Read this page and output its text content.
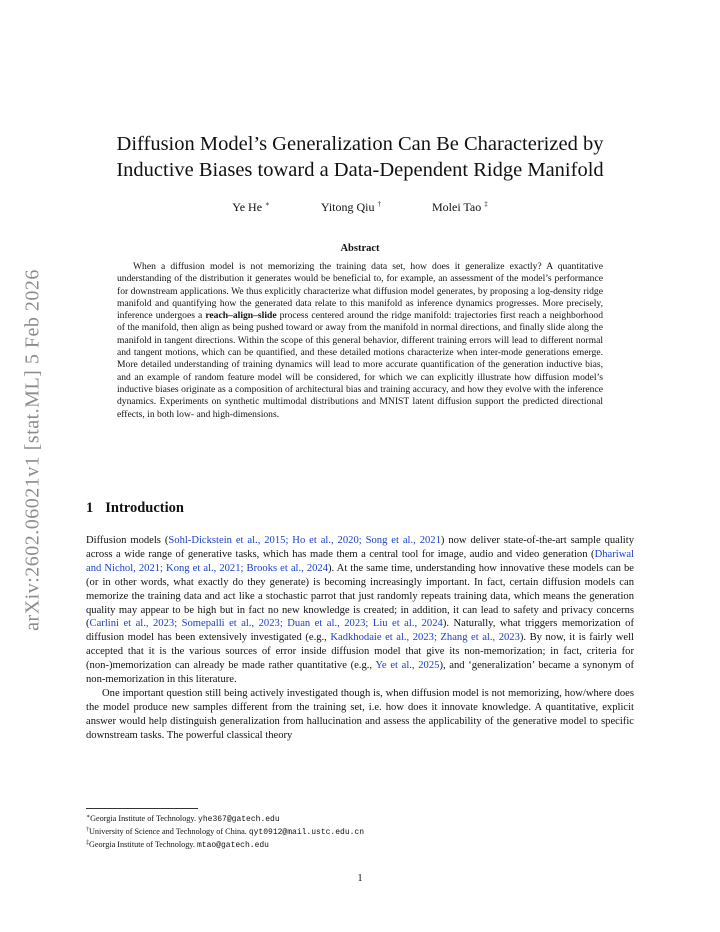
arXiv:2602.06021v1 [stat.ML] 5 Feb 2026
Diffusion Model’s Generalization Can Be Characterized by
Inductive Biases toward a Data-Dependent Ridge Manifold
Ye He ∗	Yitong Qiu †	Molei Tao ‡
Abstract

When a diffusion model is not memorizing the training data set, how does it generalize exactly? A quantitative understanding of the distribution it generates would be beneficial to, for example, an assessment of the model’s performance for downstream applications. We thus explicitly characterize what diffusion model generates, by proposing a log-density ridge manifold and quantifying how the generated data relate to this manifold as inference dynamics progresses. More precisely, inference undergoes a reach–align–slide process centered around the ridge manifold: trajectories first reach a neighborhood of the manifold, then align as being pushed toward or away from the manifold in normal directions, and finally slide along the manifold in tangent directions. Within the scope of this general behavior, different training errors will lead to different normal and tangent motions, which can be quantified, and these detailed motions characterize when inter-mode generations emerge. More detailed understanding of training dynamics will lead to more accurate quantification of the generation inductive bias, and an example of random feature model will be considered, for which we can explicitly illustrate how diffusion model’s inductive biases originate as a composition of architectural bias and training accuracy, and how they evolve with the inference dynamics. Experiments on synthetic multimodal distributions and MNIST latent diffusion support the predicted directional effects, in both low- and high-dimensions.

1 Introduction

Diffusion models (Sohl-Dickstein et al., 2015; Ho et al., 2020; Song et al., 2021) now deliver state-of-the-art sample quality across a wide range of generative tasks, which has made them a central tool for image, audio and video generation (Dhariwal and Nichol, 2021; Kong et al., 2021; Brooks et al., 2024). At the same time, understanding how innovative these models can be (or in other words, what exactly do they generate) is becoming increasingly important. In fact, certain diffusion models can memorize the training data and act like a stochastic parrot that just randomly repeats training data, which means the generation quality may appear to be high but in fact no new knowledge is created; in addition, it can lead to safety and privacy concerns (Carlini et al., 2023; Somepalli et al., 2023; Duan et al., 2023; Liu et al., 2024). Naturally, what triggers memorization of diffusion model has been extensively investigated (e.g., Kadkhodaie et al., 2023; Zhang et al., 2023). By now, it is fairly well accepted that it is the various sources of error inside diffusion model that give its non-memorization; in fact, criteria for (non-)memorization can already be made rather quantitative (e.g., Ye et al., 2025), and ‘generalization’ became a synonym of non-memorization in this literature.

One important question still being actively investigated though is, when diffusion model is not memorizing, how/where does the model produce new samples different from the training set, i.e. how does it innovate knowledge. A quantitative, explicit answer would help distinguish generalization from hallucination and assess the applicability of the generative model to specific downstream tasks. The powerful classical theory

∗Georgia Institute of Technology. yhe367@gatech.edu
†University of Science and Technology of China. qyt0912@mail.ustc.edu.cn
‡Georgia Institute of Technology. mtao@gatech.edu
1
